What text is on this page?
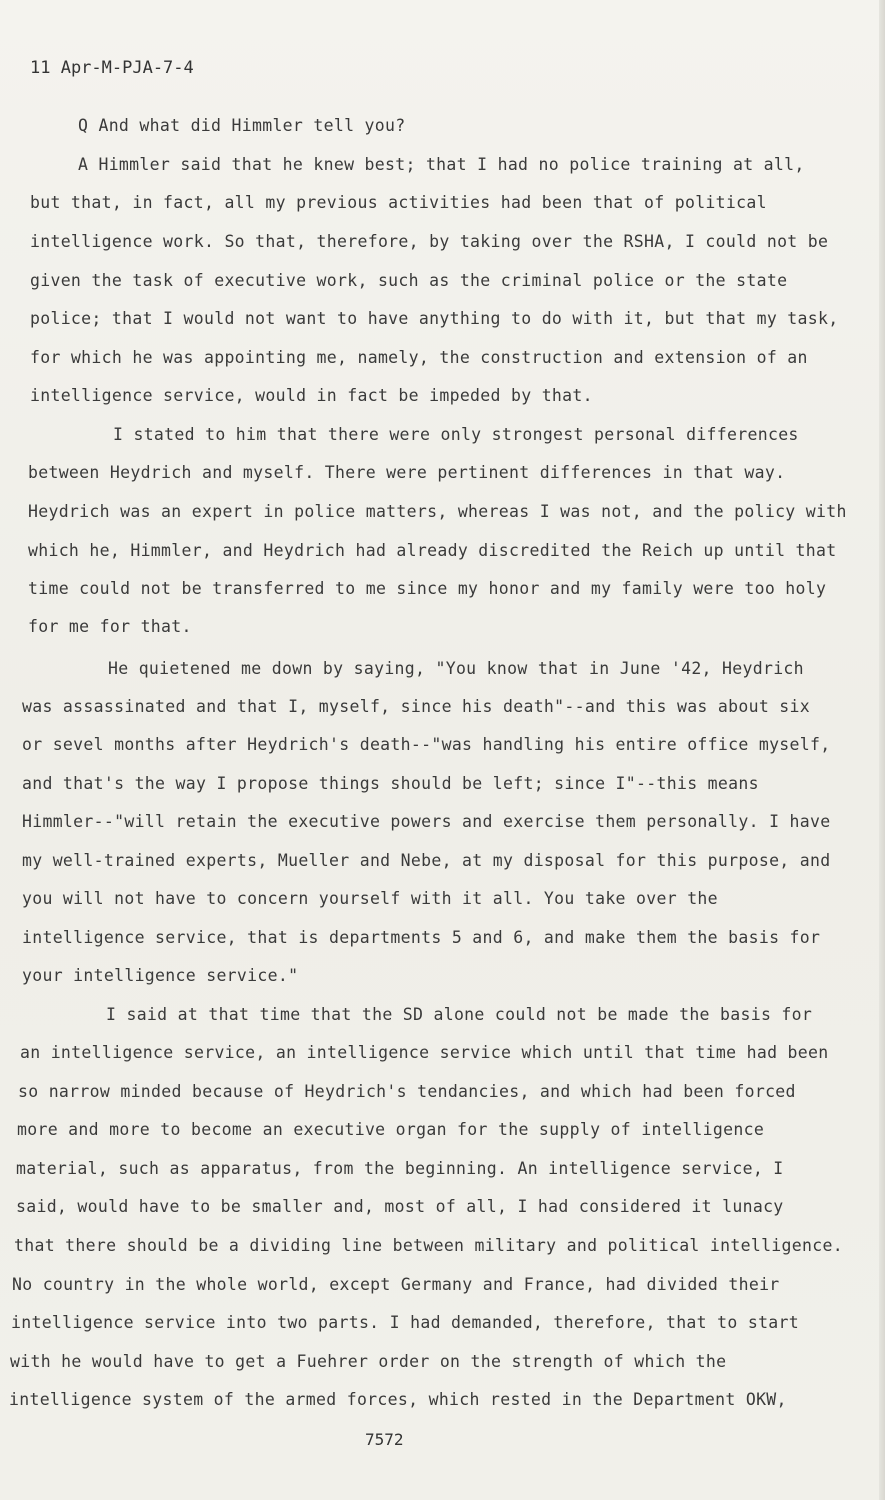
11 Apr-M-PJA-7-4
Q And what did Himmler tell you?
A Himmler said that he knew best; that I had no police training at all,
but that, in fact, all my previous activities had been that of political
intelligence work. So that, therefore, by taking over the RSHA, I could not be
given the task of executive work, such as the criminal police or the state
police; that I would not want to have anything to do with it, but that my task,
for which he was appointing me, namely, the construction and extension of an
intelligence service, would in fact be impeded by that.
I stated to him that there were only strongest personal differences
between Heydrich and myself. There were pertinent differences in that way.
Heydrich was an expert in police matters, whereas I was not, and the policy with
which he, Himmler, and Heydrich had already discredited the Reich up until that
time could not be transferred to me since my honor and my family were too holy
for me for that.
He quietened me down by saying, "You know that in June '42, Heydrich
was assassinated and that I, myself, since his death"--and this was about six
or sevel months after Heydrich's death--"was handling his entire office myself,
and that's the way I propose things should be left; since I"--this means
Himmler--"will retain the executive powers and exercise them personally. I have
my well-trained experts, Mueller and Nebe, at my disposal for this purpose, and
you will not have to concern yourself with it all. You take over the
intelligence service, that is departments 5 and 6, and make them the basis for
your intelligence service."
I said at that time that the SD alone could not be made the basis for
an intelligence service, an intelligence service which until that time had been
so narrow minded because of Heydrich's tendancies, and which had been forced
more and more to become an executive organ for the supply of intelligence
material, such as apparatus, from the beginning. An intelligence service, I
said, would have to be smaller and, most of all, I had considered it lunacy
that there should be a dividing line between military and political intelligence.
No country in the whole world, except Germany and France, had divided their
intelligence service into two parts. I had demanded, therefore, that to start
with he would have to get a Fuehrer order on the strength of which the
intelligence system of the armed forces, which rested in the Department OKW,
7572
